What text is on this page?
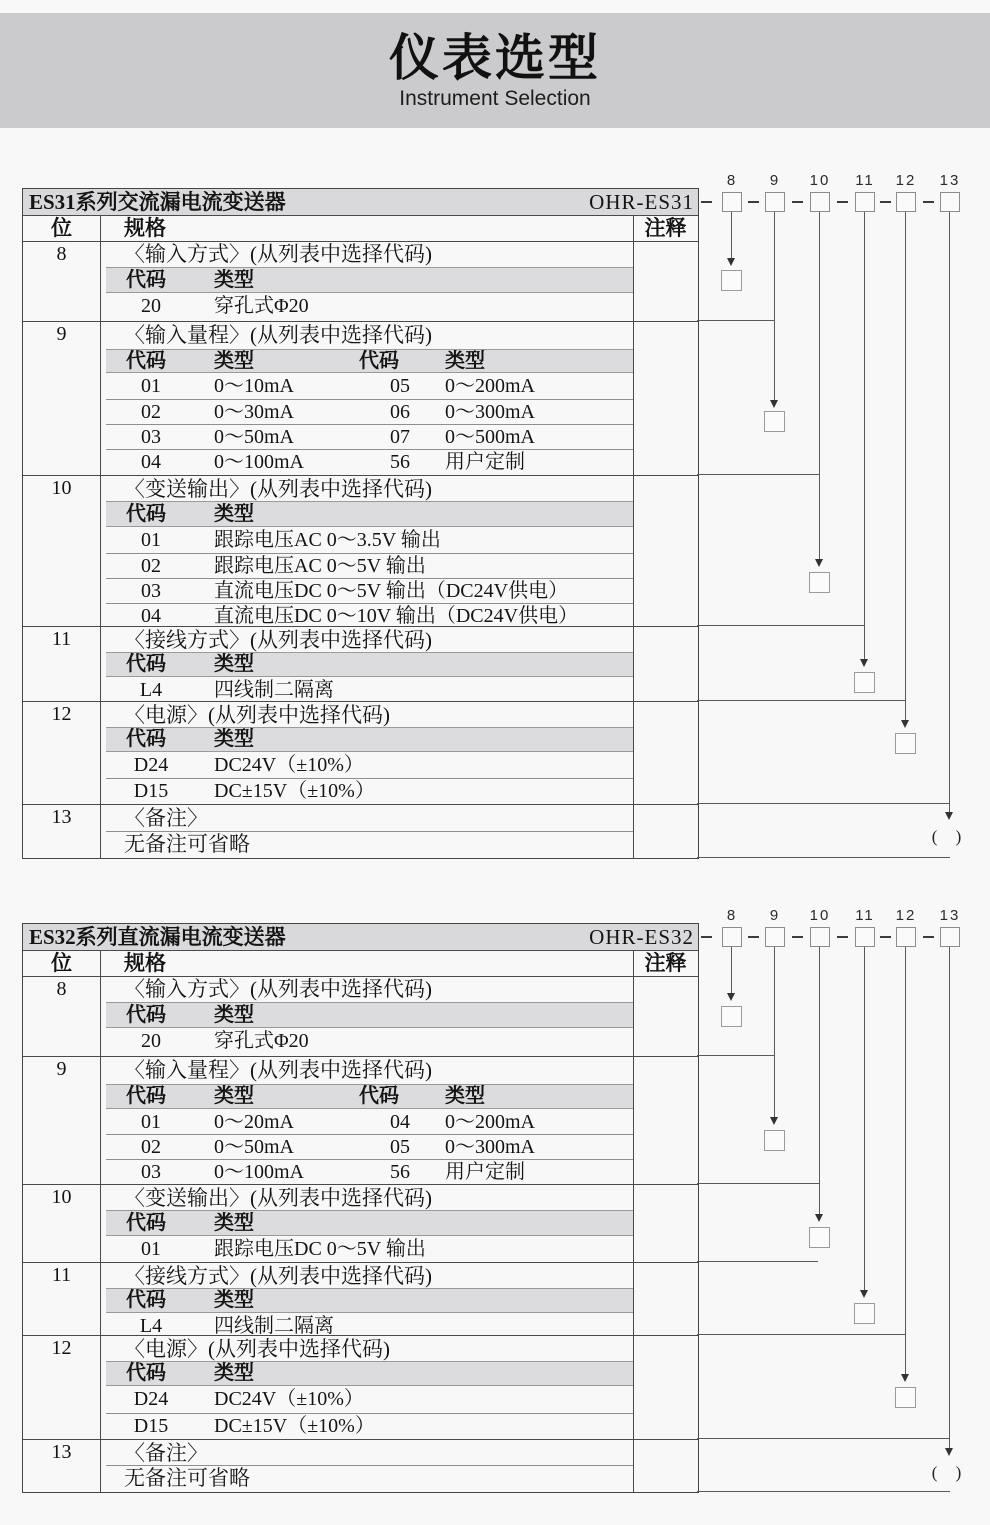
仪表选型
Instrument Selection
ES31系列交流漏电流变送器	OHR-ES31
位	规格	注释
8	〈输入方式〉(从列表中选择代码)
代码 类型
20	穿孔式Φ20
9	〈输入量程〉(从列表中选择代码)
代码 类型	代码 类型
01	0～10mA	05	0～200mA
02	0～30mA	06	0～300mA
03	0～50mA	07	0～500mA
04	0～100mA	56	用户定制
10	〈变送输出〉(从列表中选择代码)
代码 类型
01	跟踪电压AC 0～3.5V 输出
02	跟踪电压AC 0～5V 输出
03	直流电压DC 0～5V 输出（DC24V供电）
04	直流电压DC 0～10V 输出（DC24V供电）
11	〈接线方式〉(从列表中选择代码)
代码 类型
L4	四线制二隔离
12	〈电源〉(从列表中选择代码)
代码 类型
D24	DC24V（±10%）
D15	DC±15V（±10%）
13	〈备注〉
无备注可省略
8	9	10	11	12	13
( )
ES32系列直流漏电流变送器	OHR-ES32
位	规格	注释
8	〈输入方式〉(从列表中选择代码)
代码 类型
20	穿孔式Φ20
9	〈输入量程〉(从列表中选择代码)
代码 类型	代码 类型
01	0～20mA	04	0～200mA
02	0～50mA	05	0～300mA
03	0～100mA	56	用户定制
10	〈变送输出〉(从列表中选择代码)
代码 类型
01	跟踪电压DC 0～5V 输出
11	〈接线方式〉(从列表中选择代码)
代码 类型
L4	四线制二隔离
12	〈电源〉(从列表中选择代码)
代码 类型
D24	DC24V（±10%）
D15	DC±15V（±10%）
13	〈备注〉
无备注可省略
8	9	10	11	12	13
( )
